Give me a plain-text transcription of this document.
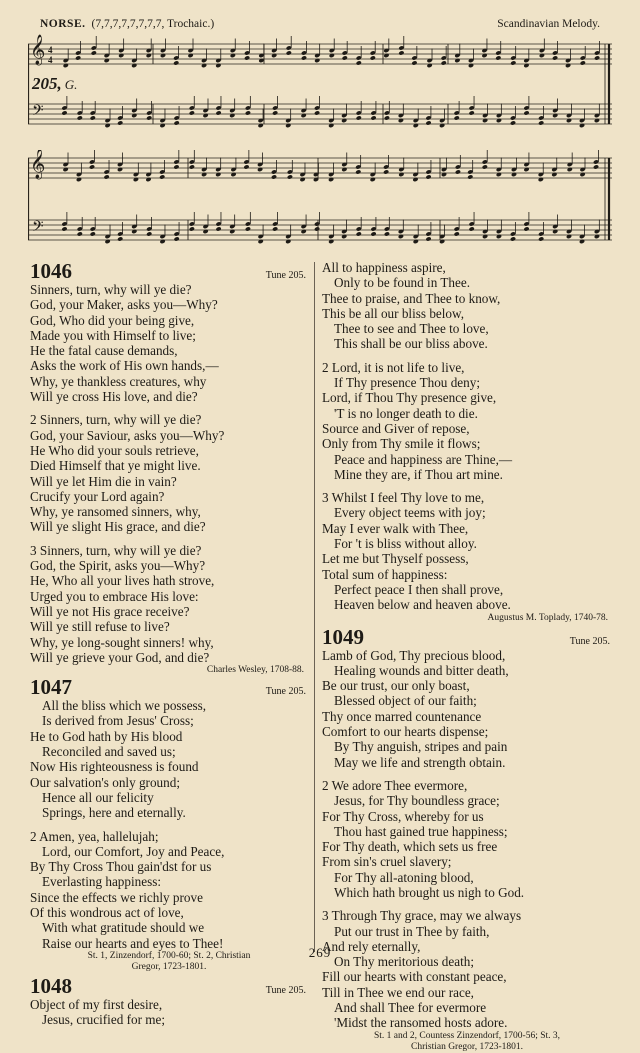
NORSE. (7,7,7,7,7,7,7,7, Trochaic.)	Scandinavian Melody.
𝄞
𝄢
4
4
205, G.
𝄞
𝄢
1046	Tune 205.
Sinners, turn, why will ye die?
God, your Maker, asks you—Why?
God, Who did your being give,
Made you with Himself to live;
He the fatal cause demands,
Asks the work of His own hands,—
Why, ye thankless creatures, why
Will ye cross His love, and die?
2 Sinners, turn, why will ye die?
God, your Saviour, asks you—Why?
He Who did your souls retrieve,
Died Himself that ye might live.
Will ye let Him die in vain?
Crucify your Lord again?
Why, ye ransomed sinners, why,
Will ye slight His grace, and die?
3 Sinners, turn, why will ye die?
God, the Spirit, asks you—Why?
He, Who all your lives hath strove,
Urged you to embrace His love:
Will ye not His grace receive?
Will ye still refuse to live?
Why, ye long-sought sinners! why,
Will ye grieve your God, and die?
Charles Wesley, 1708-88.
1047	Tune 205.
All the bliss which we possess,
Is derived from Jesus' Cross;
He to God hath by His blood
Reconciled and saved us;
Now His righteousness is found
Our salvation's only ground;
Hence all our felicity
Springs, here and eternally.
2 Amen, yea, hallelujah;
Lord, our Comfort, Joy and Peace,
By Thy Cross Thou gain'dst for us
Everlasting happiness:
Since the effects we richly prove
Of this wondrous act of love,
With what gratitude should we
Raise our hearts and eyes to Thee!
St. 1, Zinzendorf, 1700-60; St. 2, Christian
Gregor, 1723-1801.
1048	Tune 205.
Object of my first desire,
Jesus, crucified for me;
All to happiness aspire,
Only to be found in Thee.
Thee to praise, and Thee to know,
This be all our bliss below,
Thee to see and Thee to love,
This shall be our bliss above.
2 Lord, it is not life to live,
If Thy presence Thou deny;
Lord, if Thou Thy presence give,
'T is no longer death to die.
Source and Giver of repose,
Only from Thy smile it flows;
Peace and happiness are Thine,—
Mine they are, if Thou art mine.
3 Whilst I feel Thy love to me,
Every object teems with joy;
May I ever walk with Thee,
For 't is bliss without alloy.
Let me but Thyself possess,
Total sum of happiness:
Perfect peace I then shall prove,
Heaven below and heaven above.
Augustus M. Toplady, 1740-78.
1049	Tune 205.
Lamb of God, Thy precious blood,
Healing wounds and bitter death,
Be our trust, our only boast,
Blessed object of our faith;
Thy once marred countenance
Comfort to our hearts dispense;
By Thy anguish, stripes and pain
May we life and strength obtain.
2 We adore Thee evermore,
Jesus, for Thy boundless grace;
For Thy Cross, whereby for us
Thou hast gained true happiness;
For Thy death, which sets us free
From sin's cruel slavery;
For Thy all-atoning blood,
Which hath brought us nigh to God.
3 Through Thy grace, may we always
Put our trust in Thee by faith,
And rely eternally,
On Thy meritorious death;
Fill our hearts with constant peace,
Till in Thee we end our race,
And shall Thee for evermore
'Midst the ransomed hosts adore.
St. 1 and 2, Countess Zinzendorf, 1700-56; St. 3,
Christian Gregor, 1723-1801.
269
